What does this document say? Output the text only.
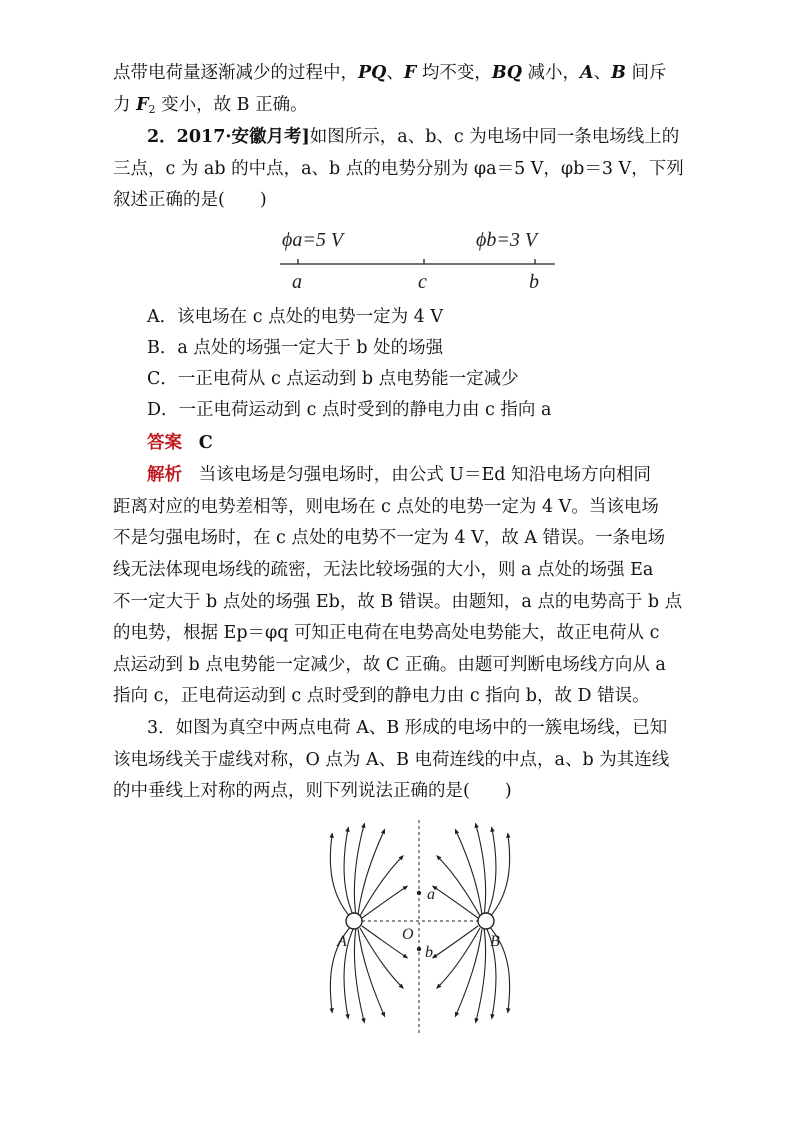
点带电荷量逐渐减少的过程中，PQ、F 均不变，BQ 减小，A、B 间斥
力 $F_2$ 变小，故 B 正确。
2．2017·安徽月考]如图所示，a、b、c 为电场中同一条电场线上的
三点，c 为 ab 的中点，a、b 点的电势分别为 φa＝5 V，φb＝3 V，下列
叙述正确的是(　　)
ϕa=5 V	ϕb=3 V
a	c	b
A．该电场在 c 点处的电势一定为 4 V
B．a 点处的场强一定大于 b 处的场强
C．一正电荷从 c 点运动到 b 点电势能一定减少
D．一正电荷运动到 c 点时受到的静电力由 c 指向 a
答案 C
解析 当该电场是匀强电场时，由公式 U＝Ed 知沿电场方向相同
距离对应的电势差相等，则电场在 c 点处的电势一定为 4 V。当该电场
不是匀强电场时，在 c 点处的电势不一定为 4 V，故 A 错误。一条电场
线无法体现电场线的疏密，无法比较场强的大小，则 a 点处的场强 Ea
不一定大于 b 点处的场强 Eb，故 B 错误。由题知，a 点的电势高于 b 点
的电势，根据 Ep＝φq 可知正电荷在电势高处电势能大，故正电荷从 c
点运动到 b 点电势能一定减少，故 C 正确。由题可判断电场线方向从 a
指向 c，正电荷运动到 c 点时受到的静电力由 c 指向 b，故 D 错误。
3．如图为真空中两点电荷 A、B 形成的电场中的一簇电场线，已知
该电场线关于虚线对称，O 点为 A、B 电荷连线的中点，a、b 为其连线
的中垂线上对称的两点，则下列说法正确的是(　　)
A	B
O
a
b
